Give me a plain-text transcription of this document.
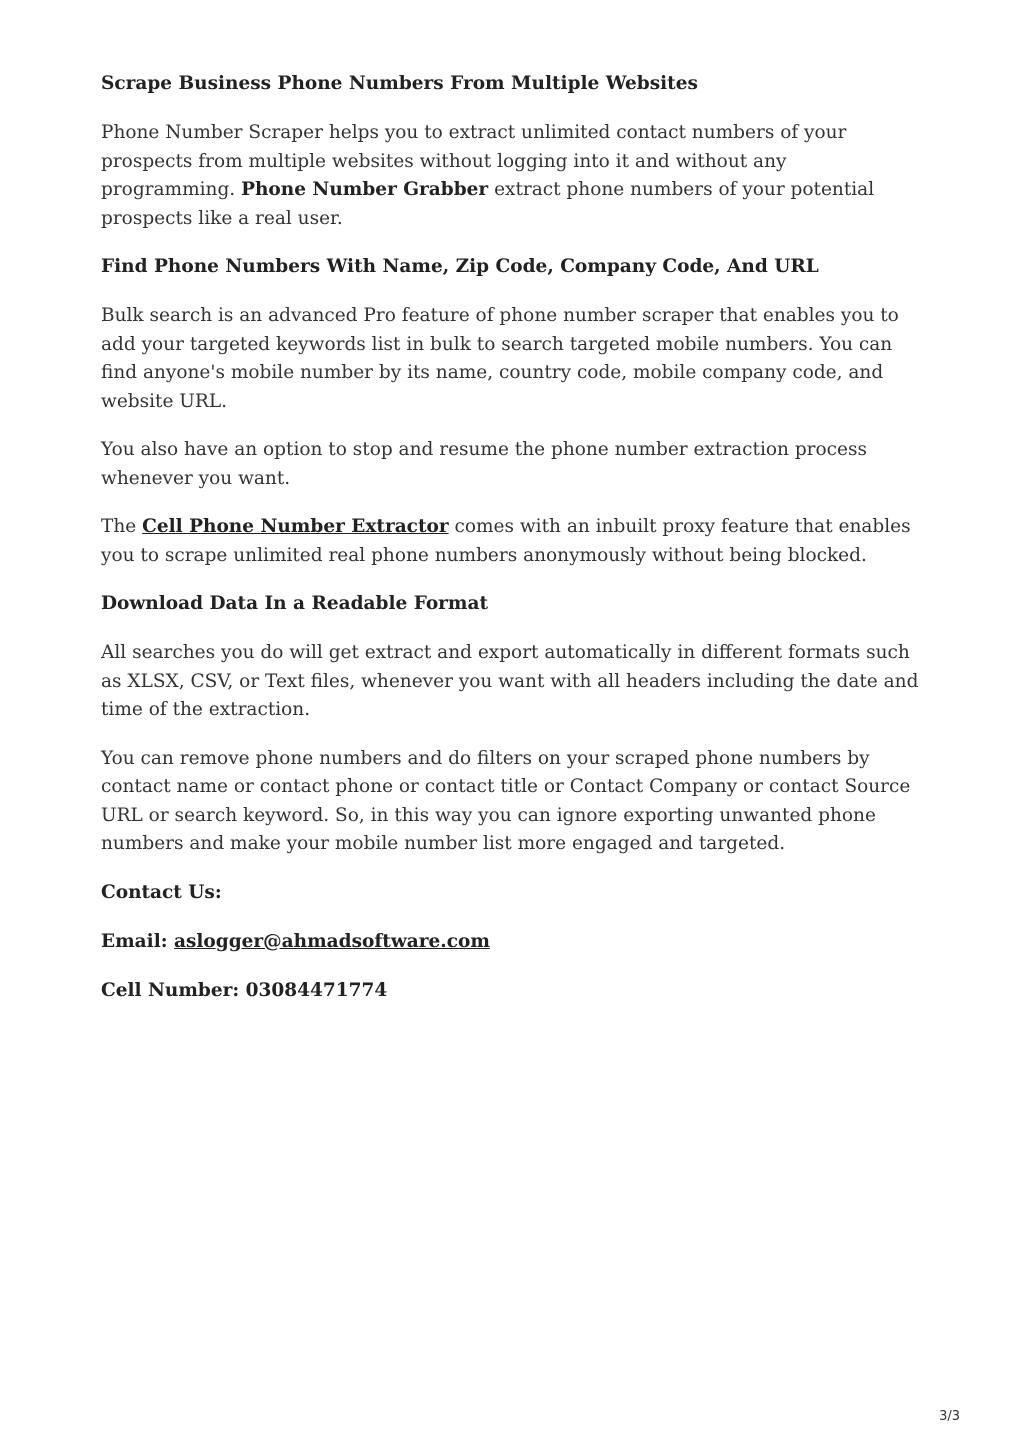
Scrape Business Phone Numbers From Multiple Websites

Phone Number Scraper helps you to extract unlimited contact numbers of your prospects from multiple websites without logging into it and without any programming. Phone Number Grabber extract phone numbers of your potential prospects like a real user.

Find Phone Numbers With Name, Zip Code, Company Code, And URL

Bulk search is an advanced Pro feature of phone number scraper that enables you to add your targeted keywords list in bulk to search targeted mobile numbers. You can find anyone's mobile number by its name, country code, mobile company code, and website URL.

You also have an option to stop and resume the phone number extraction process whenever you want.

The Cell Phone Number Extractor comes with an inbuilt proxy feature that enables you to scrape unlimited real phone numbers anonymously without being blocked.

Download Data In a Readable Format

All searches you do will get extract and export automatically in different formats such as XLSX, CSV, or Text files, whenever you want with all headers including the date and time of the extraction.

You can remove phone numbers and do filters on your scraped phone numbers by contact name or contact phone or contact title or Contact Company or contact Source URL or search keyword. So, in this way you can ignore exporting unwanted phone numbers and make your mobile number list more engaged and targeted.

Contact Us:
Email: aslogger@ahmadsoftware.com
Cell Number: 03084471774
3/3
